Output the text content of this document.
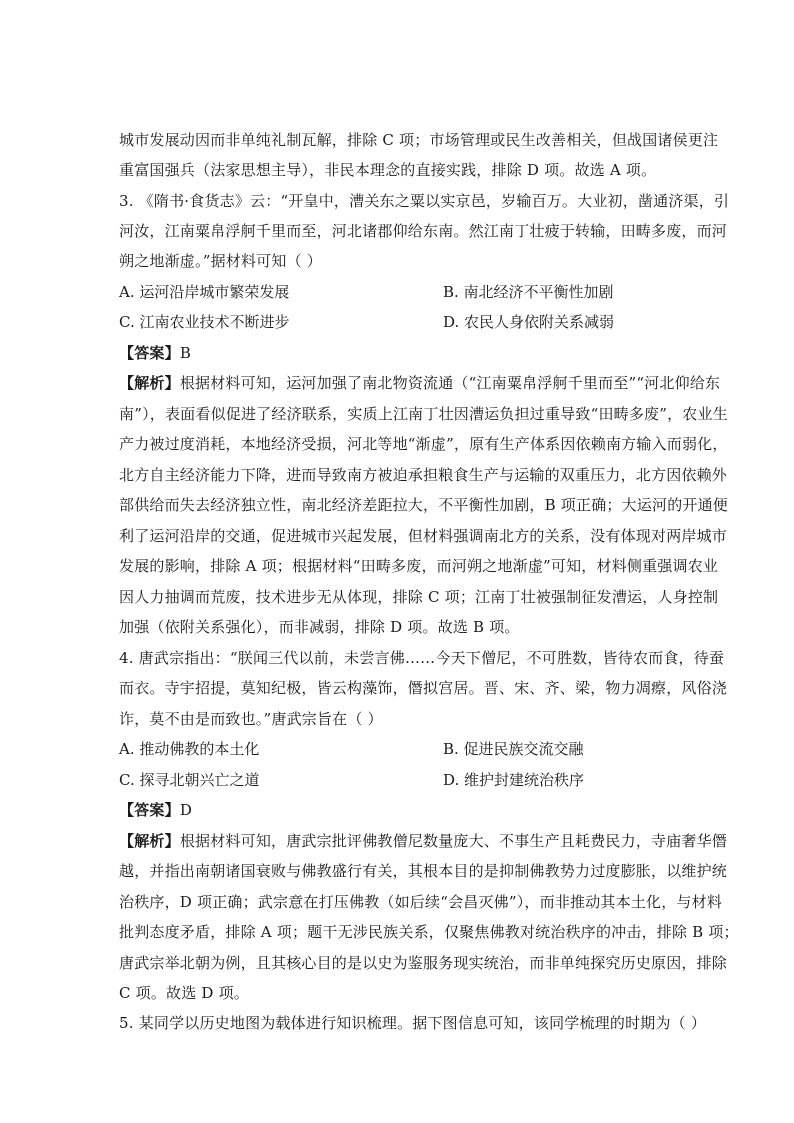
城市发展动因而非单纯礼制瓦解，排除 C 项；市场管理或民生改善相关，但战国诸侯更注
重富国强兵（法家思想主导），非民本理念的直接实践，排除 D 项。故选 A 项。
3. 《隋书·食货志》云：“开皇中，漕关东之粟以实京邑，岁输百万。大业初，凿通济渠，引
河汝，江南粟帛浮舸千里而至，河北诸郡仰给东南。然江南丁壮疲于转输，田畴多废，而河
朔之地渐虚。”据材料可知（ ）
A. 运河沿岸城市繁荣发展	B. 南北经济不平衡性加剧
C. 江南农业技术不断进步	D. 农民人身依附关系减弱
【答案】B
【解析】根据材料可知，运河加强了南北物资流通（“江南粟帛浮舸千里而至”“河北仰给东
南”），表面看似促进了经济联系，实质上江南丁壮因漕运负担过重导致“田畴多废”，农业生
产力被过度消耗，本地经济受损，河北等地“渐虚”，原有生产体系因依赖南方输入而弱化，
北方自主经济能力下降，进而导致南方被迫承担粮食生产与运输的双重压力，北方因依赖外
部供给而失去经济独立性，南北经济差距拉大，不平衡性加剧，B 项正确；大运河的开通便
利了运河沿岸的交通，促进城市兴起发展，但材料强调南北方的关系，没有体现对两岸城市
发展的影响，排除 A 项；根据材料“田畴多废，而河朔之地渐虚”可知，材料侧重强调农业
因人力抽调而荒废，技术进步无从体现，排除 C 项；江南丁壮被强制征发漕运，人身控制
加强（依附关系强化），而非减弱，排除 D 项。故选 B 项。
4. 唐武宗指出：“朕闻三代以前，未尝言佛……今天下僧尼，不可胜数，皆待农而食，待蚕
而衣。寺宇招提，莫知纪极，皆云构藻饰，僭拟宫居。晋、宋、齐、梁，物力凋瘵，风俗浇
诈，莫不由是而致也。”唐武宗旨在（ ）
A. 推动佛教的本土化	B. 促进民族交流交融
C. 探寻北朝兴亡之道	D. 维护封建统治秩序
【答案】D
【解析】根据材料可知，唐武宗批评佛教僧尼数量庞大、不事生产且耗费民力，寺庙奢华僭
越，并指出南朝诸国衰败与佛教盛行有关，其根本目的是抑制佛教势力过度膨胀，以维护统
治秩序，D 项正确；武宗意在打压佛教（如后续“会昌灭佛”），而非推动其本土化，与材料
批判态度矛盾，排除 A 项；题干无涉民族关系，仅聚焦佛教对统治秩序的冲击，排除 B 项；
唐武宗举北朝为例，且其核心目的是以史为鉴服务现实统治，而非单纯探究历史原因，排除
C 项。故选 D 项。
5. 某同学以历史地图为载体进行知识梳理。据下图信息可知，该同学梳理的时期为（ ）
